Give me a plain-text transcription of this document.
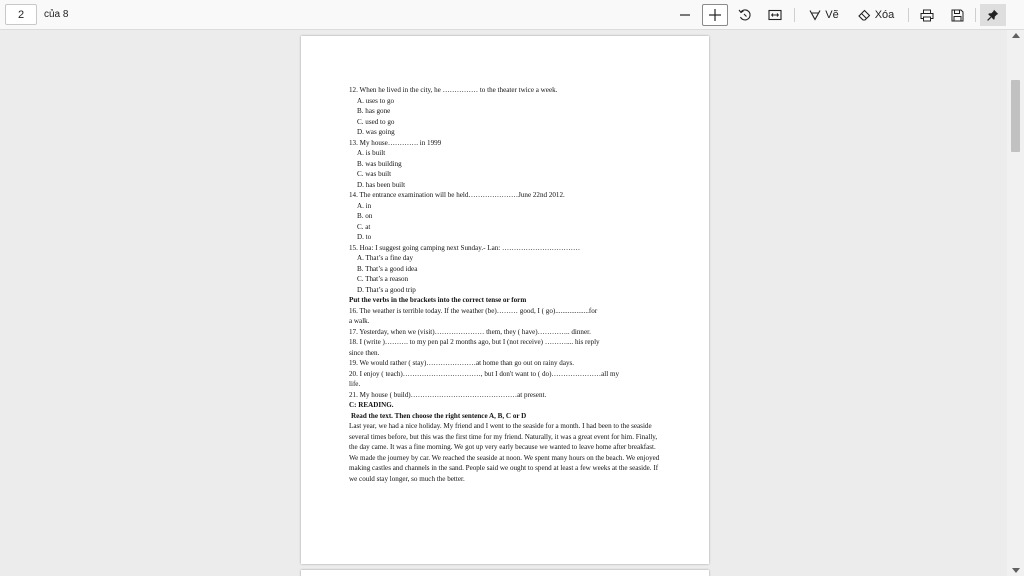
2
của 8	Vẽ	Xóa
12. When he lived in the city, he …………… to the theater twice a week.
A. uses to go
B. has gone
C. used to go
D. was going
13. My house…………. in 1999
A. is built
B. was building
C. was built
D. has been built
14. The entrance examination will be held…………………June 22nd 2012.
A. in
B. on
C. at
D. to
15. Hoa: I suggest going camping next Sunday.- Lan: ……………………………
A. That’s a fine day
B. That’s a good idea
C. That’s a reason
D. That’s a good trip
Put the verbs in the brackets into the correct tense or form
16. The weather is terrible today. If the weather (be)……… good, I ( go)...................for
a walk.
17. Yesterday, when we (visit)………………… them, they ( have)………….. dinner.
18. I (write )………. to my pen pal 2 months ago, but I (not receive) ……….... his reply
since then.
19. We would rather ( stay)…………………at home than go out on rainy days.
20. I enjoy ( teach)……………………………, but I don't want to ( do)…………………all my
life.
21. My house ( build)………………………………………at present.
C: READING.
Read the text. Then choose the right sentence A, B, C or D
Last year, we had a nice holiday. My friend and I went to the seaside for a month. I had been to the seaside several times before, but this was the first time for my friend. Naturally, it was a great event for him. Finally, the day came. It was a fine morning. We got up very early because we wanted to leave home after breakfast. We made the journey by car. We reached the seaside at noon. We spent many hours on the beach. We enjoyed making castles and channels in the sand. People said we ought to spend at least a few weeks at the seaside. If we could stay longer, so much the better.
